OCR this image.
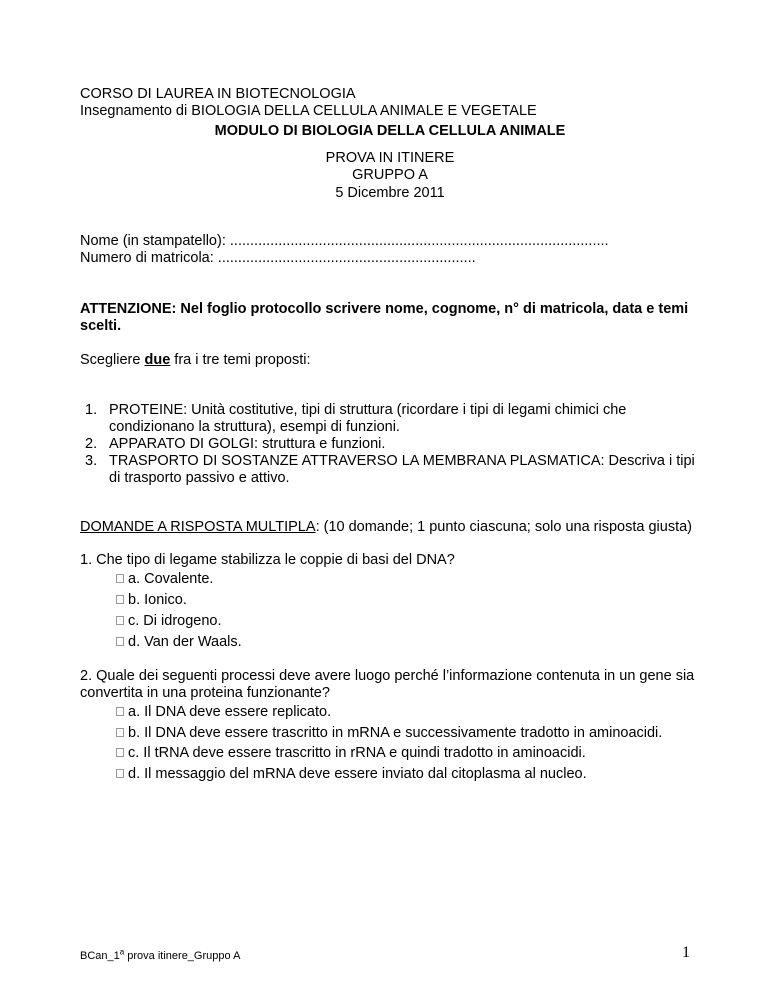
CORSO DI LAUREA IN BIOTECNOLOGIA
Insegnamento di BIOLOGIA DELLA CELLULA ANIMALE E VEGETALE
MODULO DI BIOLOGIA DELLA CELLULA ANIMALE
PROVA IN ITINERE
GRUPPO A
5 Dicembre 2011
Nome (in stampatello): ..............................................................................................
Numero di matricola: ................................................................
ATTENZIONE: Nel foglio protocollo scrivere nome, cognome, n° di matricola, data e temi scelti.
Scegliere due fra i tre temi proposti:
1. PROTEINE: Unità costitutive, tipi di struttura (ricordare i tipi di legami chimici che condizionano la struttura), esempi di funzioni.
2. APPARATO DI GOLGI: struttura e funzioni.
3. TRASPORTO DI SOSTANZE ATTRAVERSO LA MEMBRANA PLASMATICA: Descriva i tipi di trasporto passivo e attivo.
DOMANDE A RISPOSTA MULTIPLA: (10 domande; 1 punto ciascuna; solo una risposta giusta)
1. Che tipo di legame stabilizza le coppie di basi del DNA?
a. Covalente.
b. Ionico.
c. Di idrogeno.
d. Van der Waals.
2. Quale dei seguenti processi deve avere luogo perché l’informazione contenuta in un gene sia convertita in una proteina funzionante?
a. Il DNA deve essere replicato.
b. Il DNA deve essere trascritto in mRNA e successivamente tradotto in aminoacidi.
c. Il tRNA deve essere trascritto in rRNA e quindi tradotto in aminoacidi.
d. Il messaggio del mRNA deve essere inviato dal citoplasma al nucleo.
BCan_1$^a$ prova itinere_Gruppo A	1
